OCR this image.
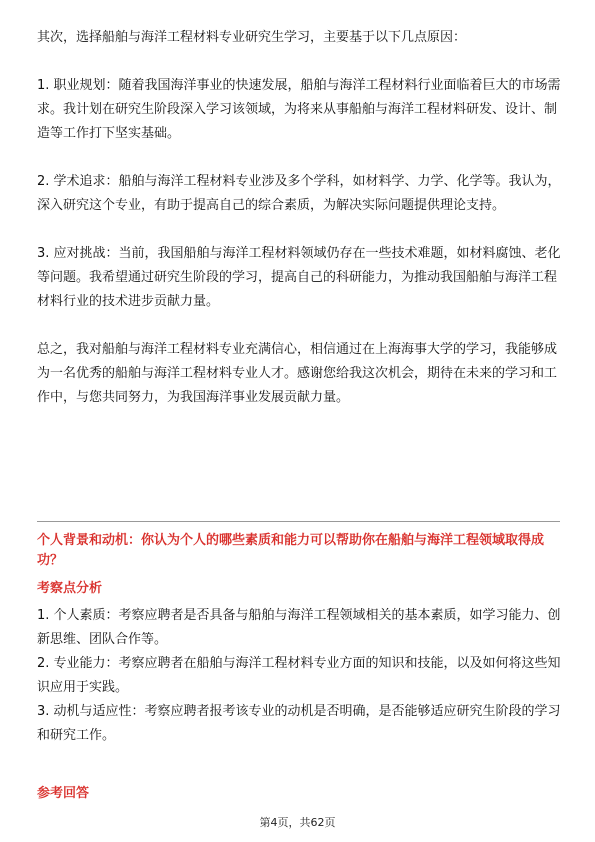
其次，选择船舶与海洋工程材料专业研究生学习，主要基于以下几点原因：

1. 职业规划：随着我国海洋事业的快速发展，船舶与海洋工程材料行业面临着巨大的市场需求。我计划在研究生阶段深入学习该领域，为将来从事船舶与海洋工程材料研发、设计、制造等工作打下坚实基础。

2. 学术追求：船舶与海洋工程材料专业涉及多个学科，如材料学、力学、化学等。我认为，深入研究这个专业，有助于提高自己的综合素质，为解决实际问题提供理论支持。

3. 应对挑战：当前，我国船舶与海洋工程材料领域仍存在一些技术难题，如材料腐蚀、老化等问题。我希望通过研究生阶段的学习，提高自己的科研能力，为推动我国船舶与海洋工程材料行业的技术进步贡献力量。

总之，我对船舶与海洋工程材料专业充满信心，相信通过在上海海事大学的学习，我能够成为一名优秀的船舶与海洋工程材料专业人才。感谢您给我这次机会，期待在未来的学习和工作中，与您共同努力，为我国海洋事业发展贡献力量。

个人背景和动机：你认为个人的哪些素质和能力可以帮助你在船舶与海洋工程领域取得成功？

考察点分析

1. 个人素质：考察应聘者是否具备与船舶与海洋工程领域相关的基本素质，如学习能力、创新思维、团队合作等。

2. 专业能力：考察应聘者在船舶与海洋工程材料专业方面的知识和技能，以及如何将这些知识应用于实践。

3. 动机与适应性：考察应聘者报考该专业的动机是否明确，是否能够适应研究生阶段的学习和研究工作。

参考回答

第4页，共62页
